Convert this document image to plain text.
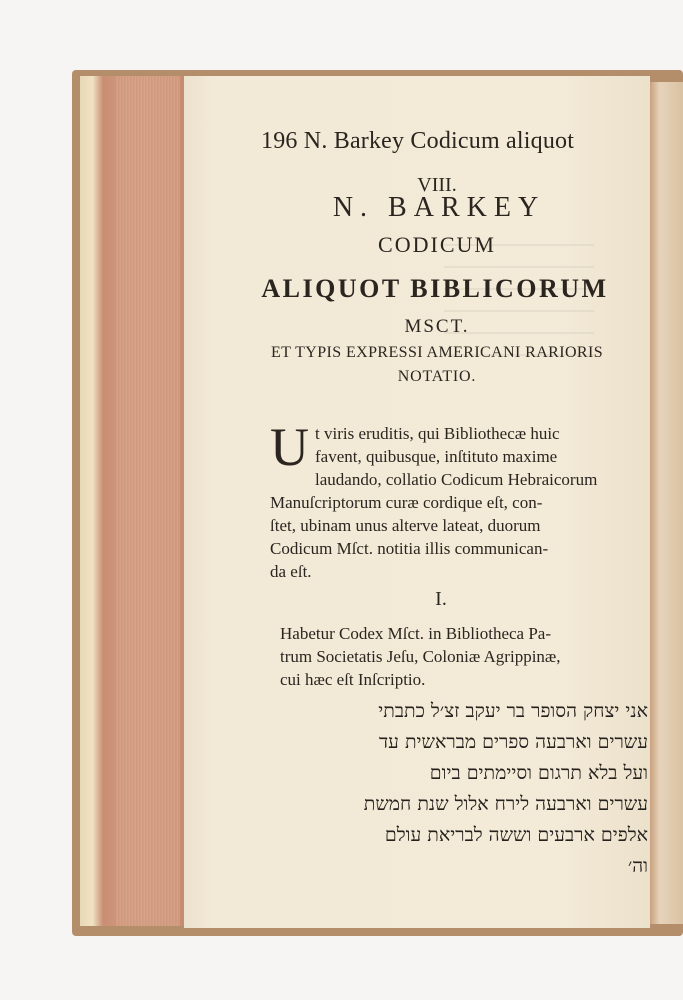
196 N. Barkey Codicum aliquot
VIII.
N. BARKEY
CODICUM
ALIQUOT BIBLICORUM
MSCT.
ET TYPIS EXPRESSI AMERICANI RARIORIS
NOTATIO.
U t viris eruditis, qui Bibliothecæ huic
favent, quibusque, inſtituto maxime
laudando, collatio Codicum Hebraicorum
Manuſcriptorum curæ cordique eſt, con-
ſtet, ubinam unus alterve lateat, duorum
Codicum Mſct. notitia illis communican-
da eſt.
I.
Habetur Codex Mſct. in Bibliotheca Pa-
trum Societatis Jeſu, Coloniæ Agrippinæ,
cui hæc eſt Inſcriptio.
אני יצחק הסופר בר יעקב זצ׳ל כתבתי
עשרים וארבעה ספרים מבראשית עד
ועל בלא תרגום וסיימתים ביום
עשרים וארבעה לירח אלול שנת חמשת
אלפים ארבעים וששה לבריאת עולם
וה׳
